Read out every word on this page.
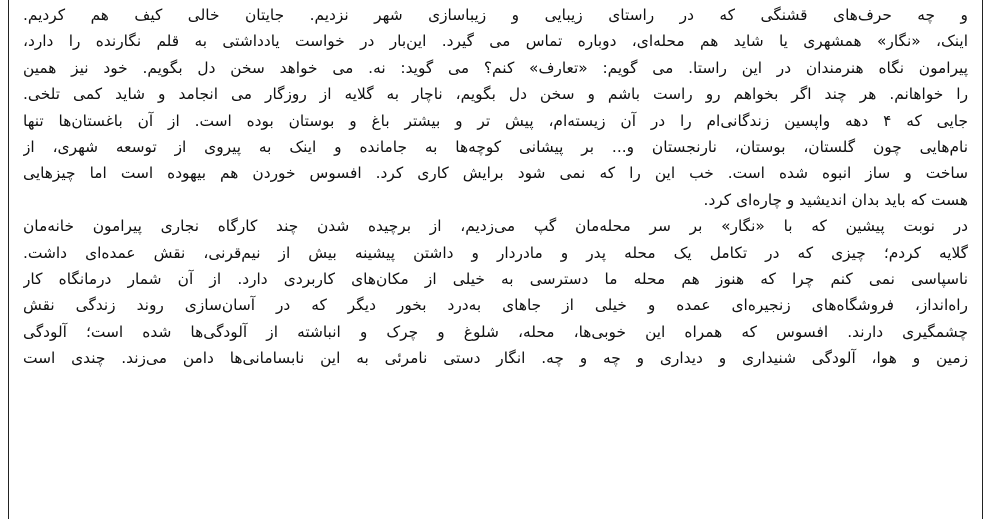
و چه حرف‌های قشنگی که در راستای زیبایی و زیباسازی شهر نزدیم. جایتان خالی کیف هم کردیم.
اینک، «نگار» همشهری یا شاید هم محله‌ای، دوباره تماس می گیرد. این‌بار در خواست یادداشتی به قلم نگارنده را دارد،
پیرامون نگاه هنرمندان در این راستا. می گویم: «تعارف» کنم؟ می گوید: نه. می خواهد سخن دل بگویم. خود نیز همین
را خواهانم. هر چند اگر بخواهم رو راست باشم و سخن دل بگویم، ناچار به گلایه از روزگار می انجامد و شاید کمی تلخی.
جایی که ۴ دهه واپسین زندگانی‌ام را در آن زیسته‌ام، پیش تر و بیشتر باغ و بوستان بوده است. از آن باغستان‌ها تنها
نام‌هایی چون گلستان، بوستان، نارنجستان و... بر پیشانی کوچه‌ها به جامانده و اینک به پیروی از توسعه شهری، از
ساخت و ساز انبوه شده است. خب این را که نمی شود برایش کاری کرد. افسوس خوردن هم بیهوده است اما چیزهایی
هست که باید بدان اندیشید و چاره‌ای کرد.
در نوبت پیشین که با «نگار» بر سر محله‌مان گپ می‌زدیم، از برچیده شدن چند کارگاه نجاری پیرامون خانه‌مان
گلایه کردم؛ چیزی که در تکامل یک محله پدر و مادردار و داشتن پیشینه بیش از نیم‌قرنی، نقش عمده‌ای داشت.
ناسپاسی نمی کنم چرا که هنوز هم محله ما دسترسی به خیلی از مکان‌های کاربردی دارد. از آن شمار درمانگاه کار
راه‌انداز، فروشگاه‌های زنجیره‌ای عمده و خیلی از جاهای به‌درد بخور دیگر که در آسان‌سازی روند زندگی نقش
چشمگیری دارند. افسوس که همراه این خوبی‌ها، محله، شلوغ و چرک و انباشته از آلودگی‌ها شده است؛ آلودگی
زمین و هوا، آلودگی شنیداری و دیداری و چه و چه. انگار دستی نامرئی به این نابسامانی‌ها دامن می‌زند. چندی است
